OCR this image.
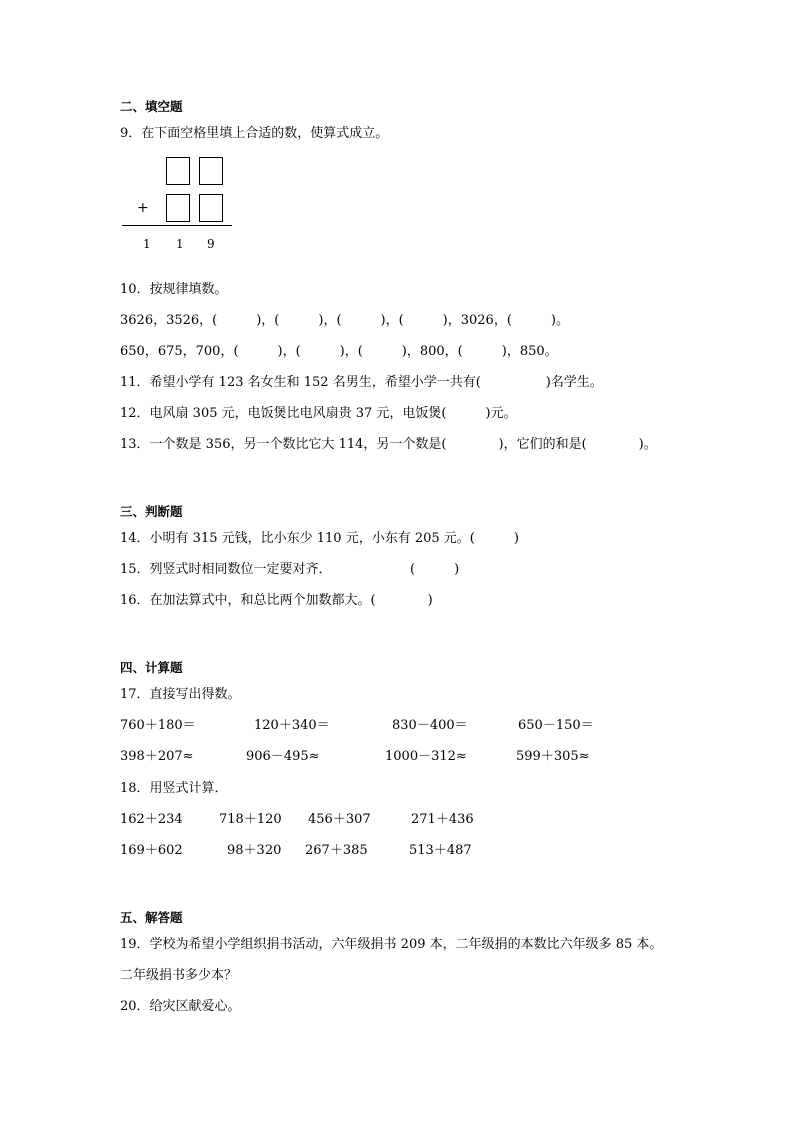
二、填空题
9．在下面空格里填上合适的数，使算式成立。
+
1 1 9
10．按规律填数。
3626，3526，(　　　)，(　　　)，(　　　)，(　　　)，3026，(　　　)。
650，675，700，(　　　)，(　　　)，(　　　)，800，(　　　)，850。
11．希望小学有 123 名女生和 152 名男生，希望小学一共有(　　　　　)名学生。
12．电风扇 305 元，电饭煲比电风扇贵 37 元，电饭煲(　　　)元。
13．一个数是 356，另一个数比它大 114，另一个数是(　　　　)，它们的和是(　　　　)。
三、判断题
14．小明有 315 元钱，比小东少 110 元，小东有 205 元。(　　　)
15．列竖式时相同数位一定要对齐．	(　　　)
16．在加法算式中，和总比两个加数都大。(　　　　)
四、计算题
17．直接写出得数。
760＋180＝	120＋340＝	830－400＝	650－150＝
398＋207≈	906－495≈	1000－312≈	599＋305≈
18．用竖式计算．
162＋234	718＋120 456＋307	271＋436
169＋602	98＋320 267＋385	513＋487
五、解答题
19．学校为希望小学组织捐书活动，六年级捐书 209 本，二年级捐的本数比六年级多 85 本。
二年级捐书多少本？
20．给灾区献爱心。
